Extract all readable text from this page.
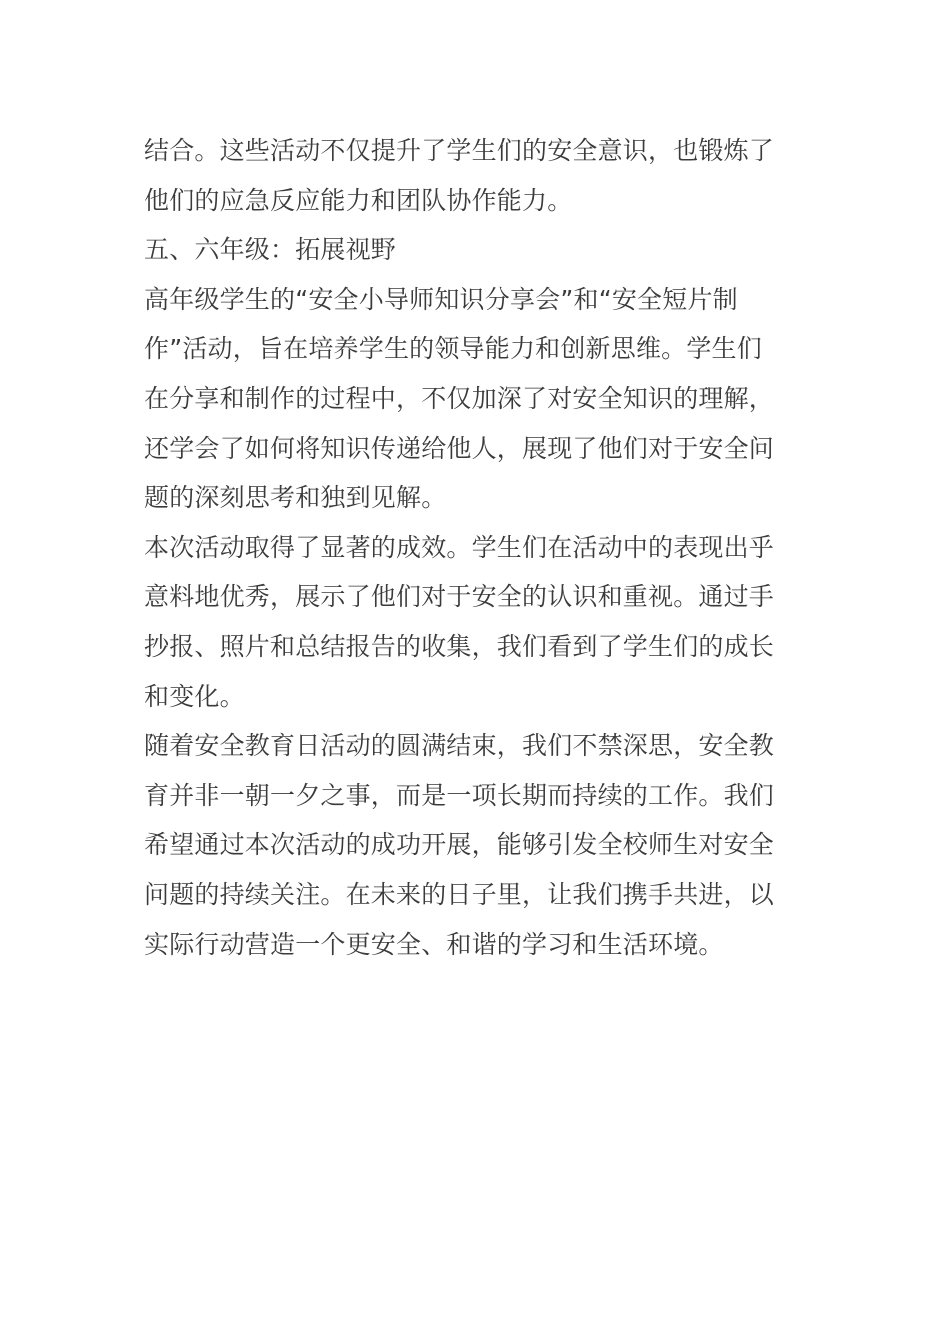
结合。这些活动不仅提升了学生们的安全意识，也锻炼了
他们的应急反应能力和团队协作能力。
五、六年级：拓展视野
高年级学生的“安全小导师知识分享会”和“安全短片制
作”活动，旨在培养学生的领导能力和创新思维。学生们
在分享和制作的过程中，不仅加深了对安全知识的理解，
还学会了如何将知识传递给他人，展现了他们对于安全问
题的深刻思考和独到见解。
本次活动取得了显著的成效。学生们在活动中的表现出乎
意料地优秀，展示了他们对于安全的认识和重视。通过手
抄报、照片和总结报告的收集，我们看到了学生们的成长
和变化。
随着安全教育日活动的圆满结束，我们不禁深思，安全教
育并非一朝一夕之事，而是一项长期而持续的工作。我们
希望通过本次活动的成功开展，能够引发全校师生对安全
问题的持续关注。在未来的日子里，让我们携手共进，以
实际行动营造一个更安全、和谐的学习和生活环境。
